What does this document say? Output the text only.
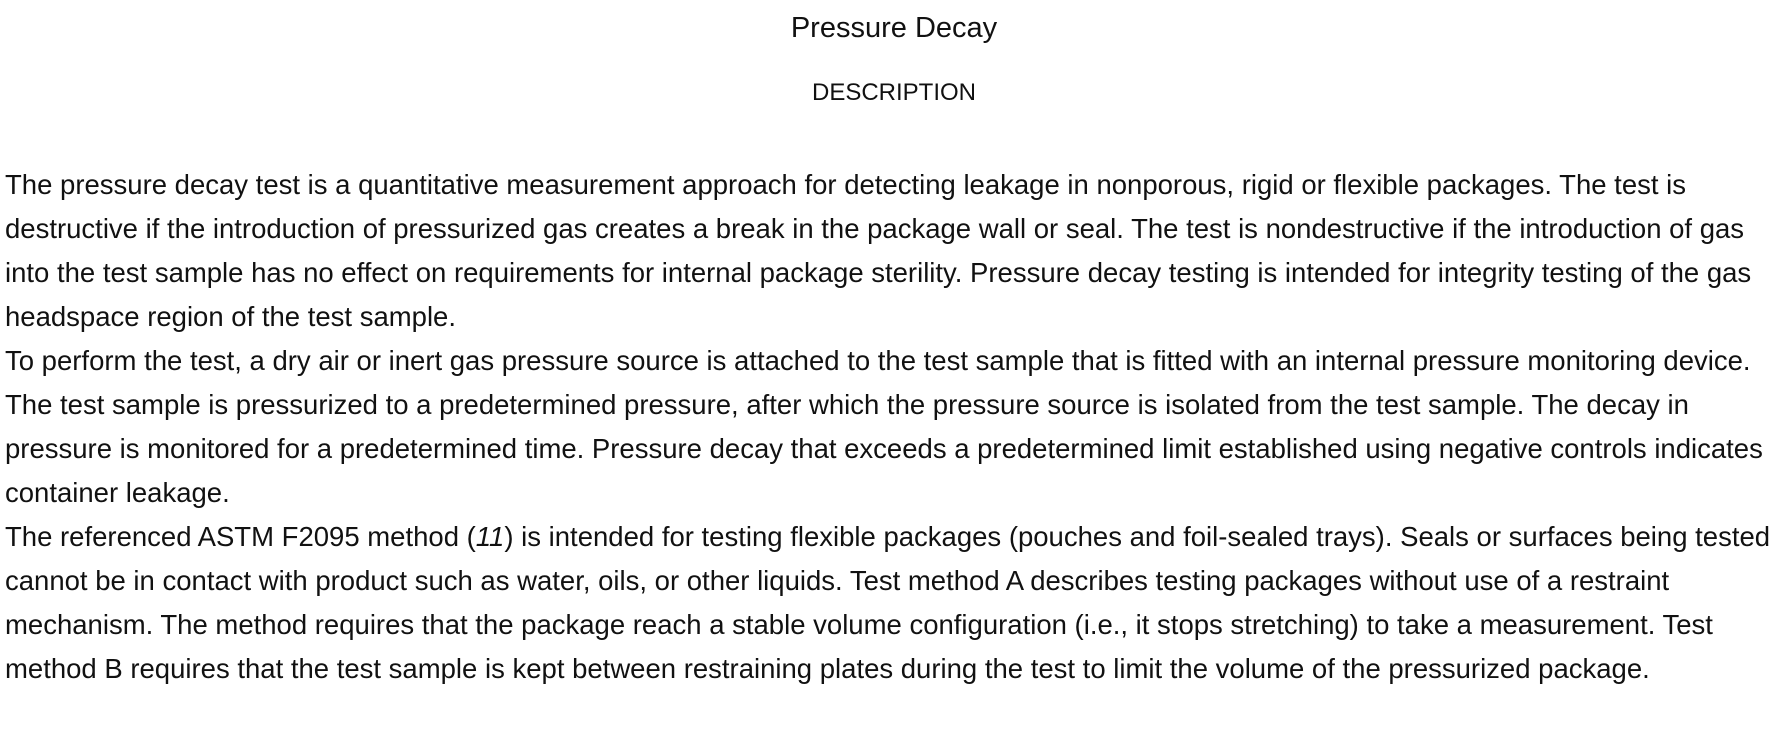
Pressure Decay
DESCRIPTION

The pressure decay test is a quantitative measurement approach for detecting leakage in nonporous, rigid or flexible packages. The test is destructive if the introduction of pressurized gas creates a break in the package wall or seal. The test is nondestructive if the introduction of gas into the test sample has no effect on requirements for internal package sterility. Pressure decay testing is intended for integrity testing of the gas headspace region of the test sample.

To perform the test, a dry air or inert gas pressure source is attached to the test sample that is fitted with an internal pressure monitoring device. The test sample is pressurized to a predetermined pressure, after which the pressure source is isolated from the test sample. The decay in pressure is monitored for a predetermined time. Pressure decay that exceeds a predetermined limit established using negative controls indicates container leakage.

The referenced ASTM F2095 method (11) is intended for testing flexible packages (pouches and foil-sealed trays). Seals or surfaces being tested cannot be in contact with product such as water, oils, or other liquids. Test method A describes testing packages without use of a restraint mechanism. The method requires that the package reach a stable volume configuration (i.e., it stops stretching) to take a measurement. Test method B requires that the test sample is kept between restraining plates during the test to limit the volume of the pressurized package.
